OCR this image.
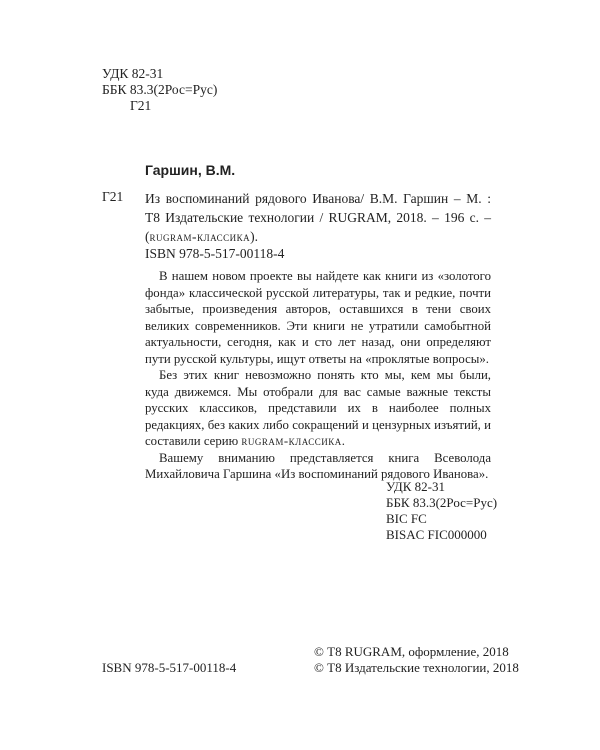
УДК 82-31
ББК 83.3(2Рос=Рус)
Г21
Гаршин, В.М.
Г21 Из воспоминаний рядового Иванова/ В.М. Гаршин – М. :
Т8 Издательские технологии / RUGRAM, 2018. – 196 с. –
(rugram-классика).
ISBN 978-5-517-00118-4

В нашем новом проекте вы найдете как книги из «золотого фонда» классической русской литературы, так и редкие, почти забытые, произведения авторов, оставшихся в тени своих великих современников. Эти книги не утратили самобытной актуальности, сегодня, как и сто лет назад, они определяют пути русской культуры, ищут ответы на «проклятые вопросы».

Без этих книг невозможно понять кто мы, кем мы были, куда движемся. Мы отобрали для вас самые важные тексты русских классиков, представили их в наиболее полных редакциях, без каких либо сокращений и цензурных изъятий, и составили серию rugram-классика.

Вашему вниманию представляется книга Всеволода Михайловича Гаршина «Из воспоминаний рядового Иванова».

УДК 82-31
ББК 83.3(2Рос=Рус)
BIC FC
BISAC FIC000000
© Т8 RUGRAM, оформление, 2018
© Т8 Издательские технологии, 2018
ISBN 978-5-517-00118-4
